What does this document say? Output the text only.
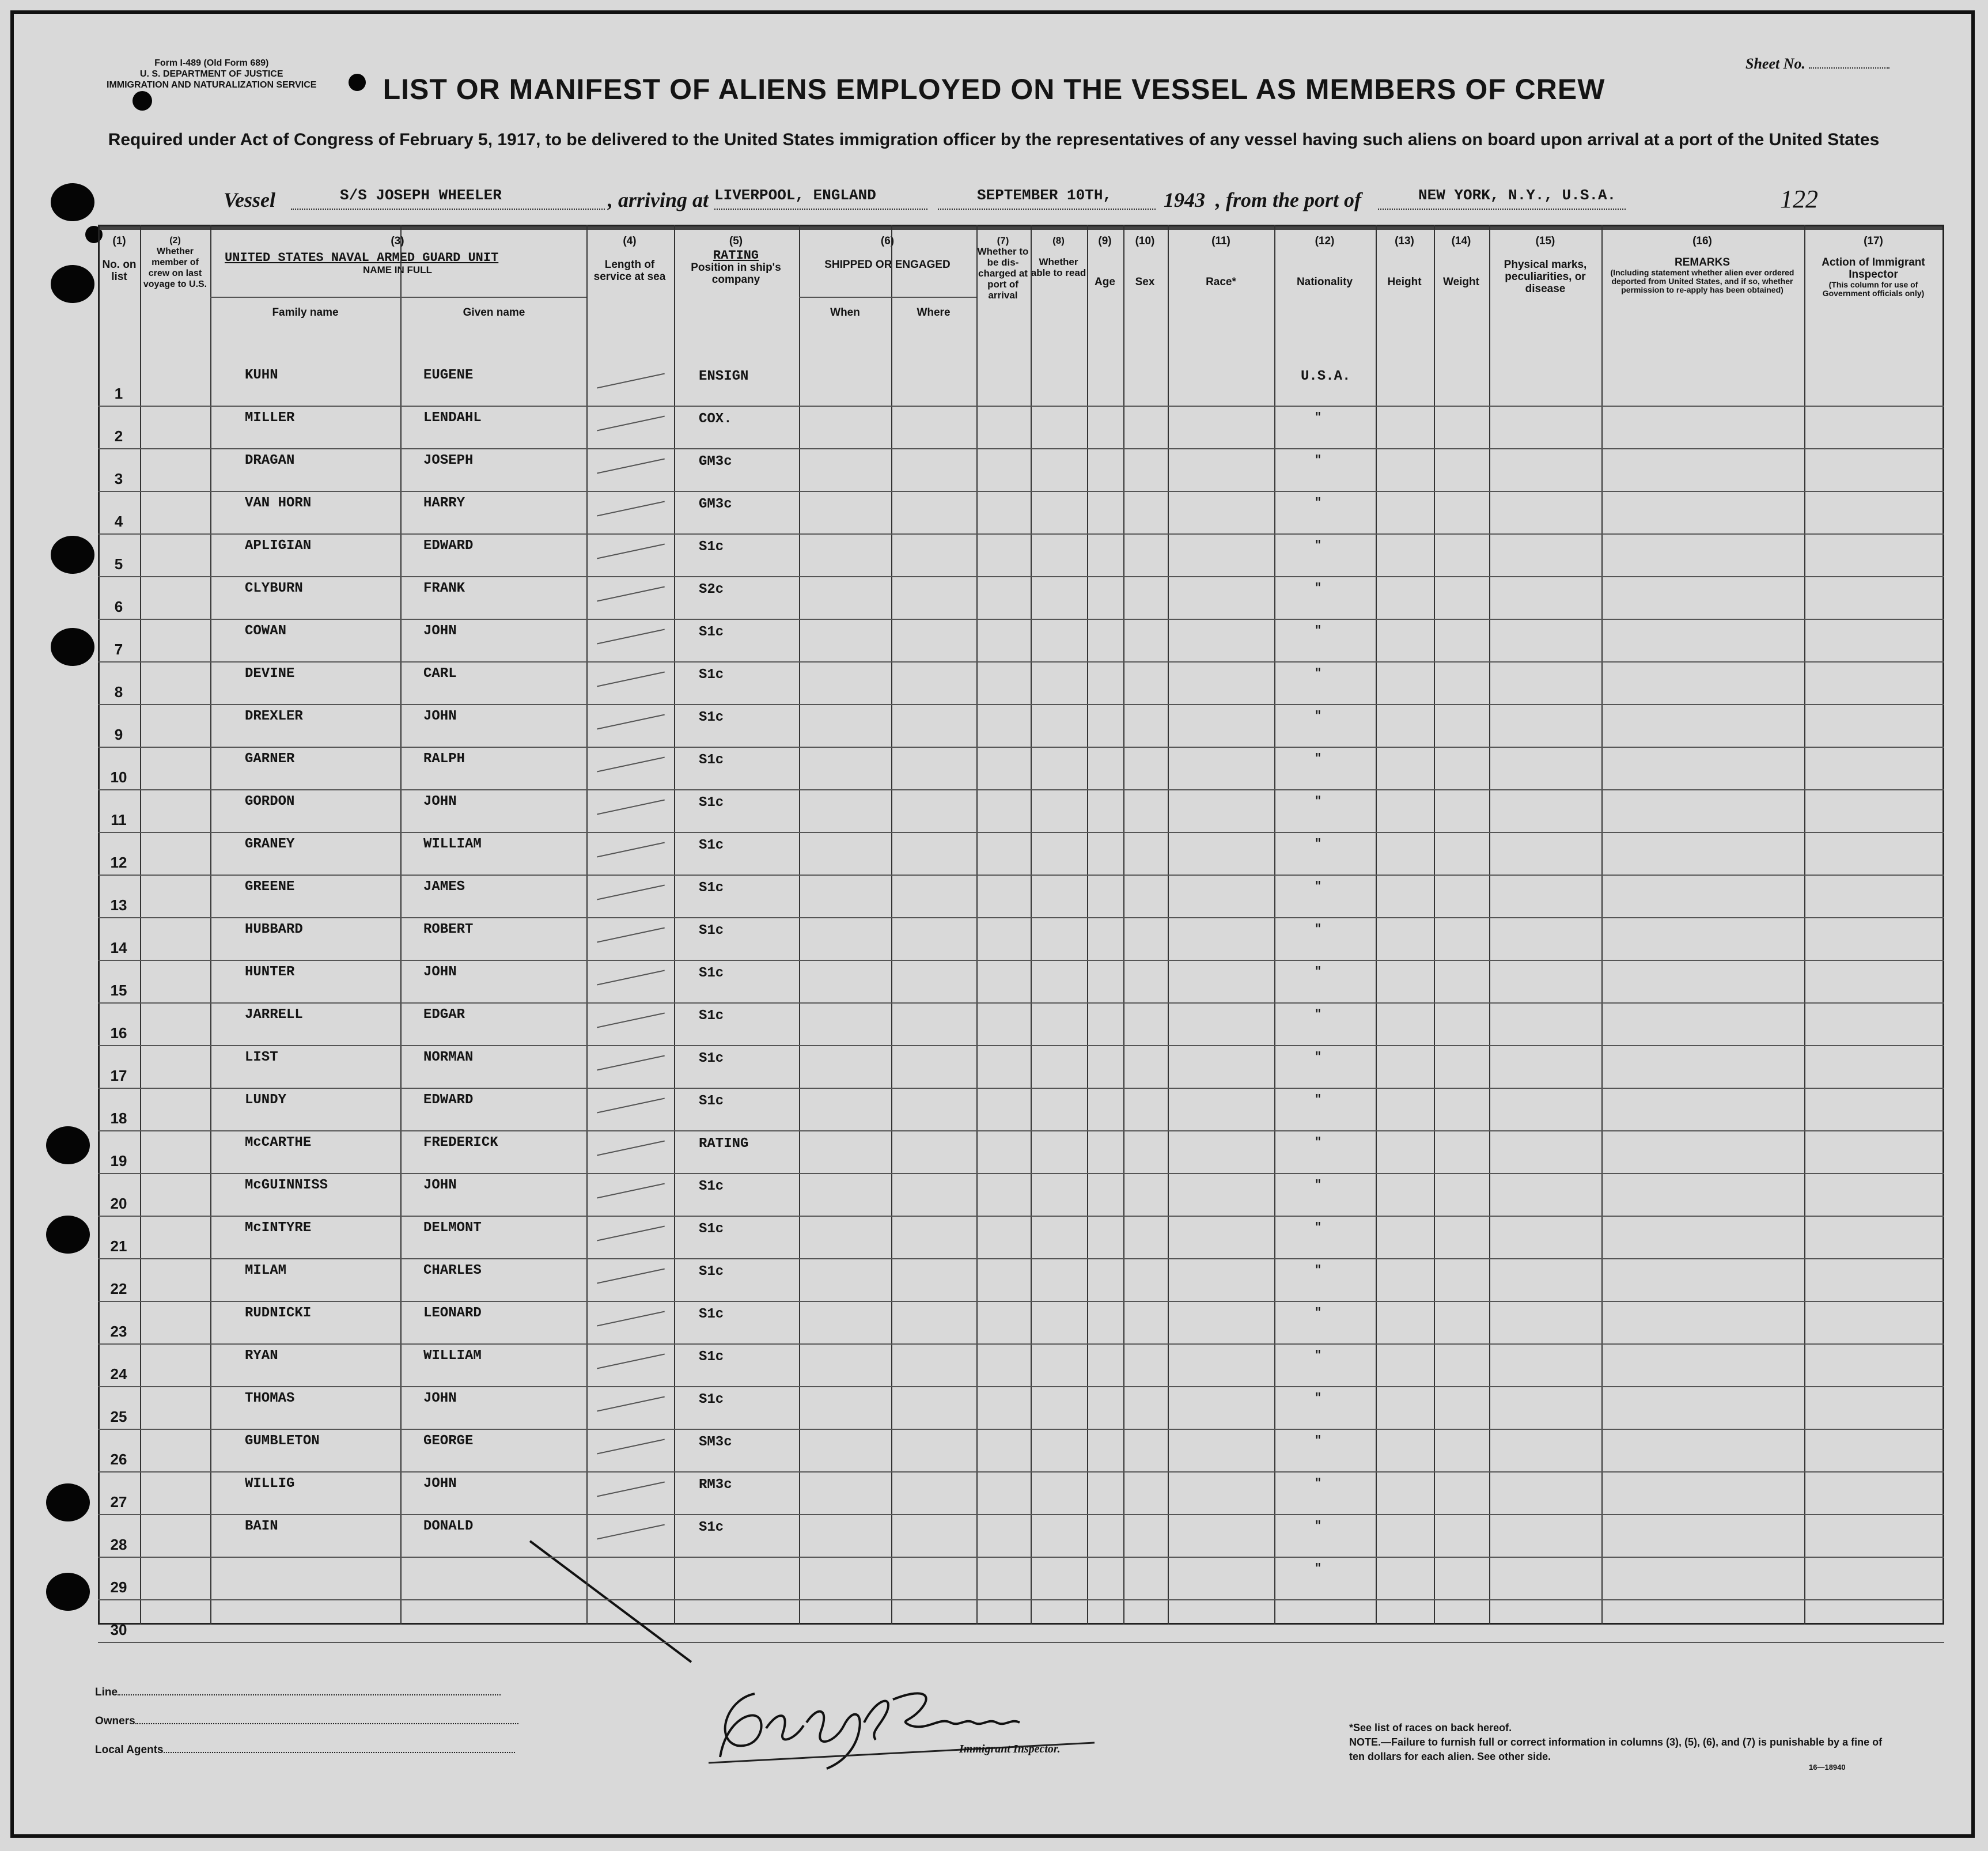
Form I-489 (Old Form 689)
U. S. DEPARTMENT OF JUSTICE
IMMIGRATION AND NATURALIZATION SERVICE
Sheet No.
LIST OR MANIFEST OF ALIENS EMPLOYED ON THE VESSEL AS MEMBERS OF CREW
Required under Act of Congress of February 5, 1917, to be delivered to the United States immigration officer by the representatives of any vessel having such aliens on board upon arrival at a port of the United States
Vessel	S/S JOSEPH WHEELER	, arriving at LIVERPOOL, ENGLAND	SEPTEMBER 10TH,	1943 , from the port of	NEW YORK, N.Y., U.S.A.	122
(1)
No. on list
(2)
Whether member of crew on last voyage to U.S.
(3)
UNITED STATES NAVAL ARMED GUARD UNIT
NAME IN FULL
Family name	Given name
(4)
Length of service at sea
(5)
RATING
Position in ship's company
(6)
SHIPPED OR ENGAGED
When	Where
(7)
Whether to be dis-charged at port of arrival
(8)
Whether able to read
(9)
Age
(10)
Sex
(11)
Race*
(12)
Nationality
(13)
Height
(14)
Weight
(15)
Physical marks, peculiarities, or disease
(16)
REMARKS
(Including statement whether alien ever ordered deported from United States, and if so, whether permission to re-apply has been obtained)
(17)
Action of Immigrant Inspector
(This column for use of Government officials only)
1
KUHN	EUGENE	ENSIGN	U.S.A.
2
MILLER	LENDAHL	COX.	"
3
DRAGAN	JOSEPH	GM3c	"
4
VAN HORN	HARRY	GM3c	"
5
APLIGIAN	EDWARD	S1c	"
6
CLYBURN	FRANK	S2c	"
7
COWAN	JOHN	S1c	"
8
DEVINE	CARL	S1c	"
9
DREXLER	JOHN	S1c	"
10
GARNER	RALPH	S1c	"
11
GORDON	JOHN	S1c	"
12
GRANEY	WILLIAM	S1c	"
13
GREENE	JAMES	S1c	"
14
HUBBARD	ROBERT	S1c	"
15
HUNTER	JOHN	S1c	"
16
JARRELL	EDGAR	S1c	"
17
LIST	NORMAN	S1c	"
18
LUNDY	EDWARD	S1c	"
19
McCARTHE	FREDERICK	RATING	"
20
McGUINNISS	JOHN	S1c	"
21
McINTYRE	DELMONT	S1c	"
22
MILAM	CHARLES	S1c	"
23
RUDNICKI	LEONARD	S1c	"
24
RYAN	WILLIAM	S1c	"
25
THOMAS	JOHN	S1c	"
26
GUMBLETON	GEORGE	SM3c	"
27
WILLIG	JOHN	RM3c	"
28
BAIN	DONALD	S1c	"
29
"
30
Line
Owners
Local Agents	Immigrant Inspector.
*See list of races on back hereof.
NOTE.—Failure to furnish full or correct information in columns (3), (5), (6), and (7) is punishable by a fine of ten dollars for each alien. See other side.
16—18940
